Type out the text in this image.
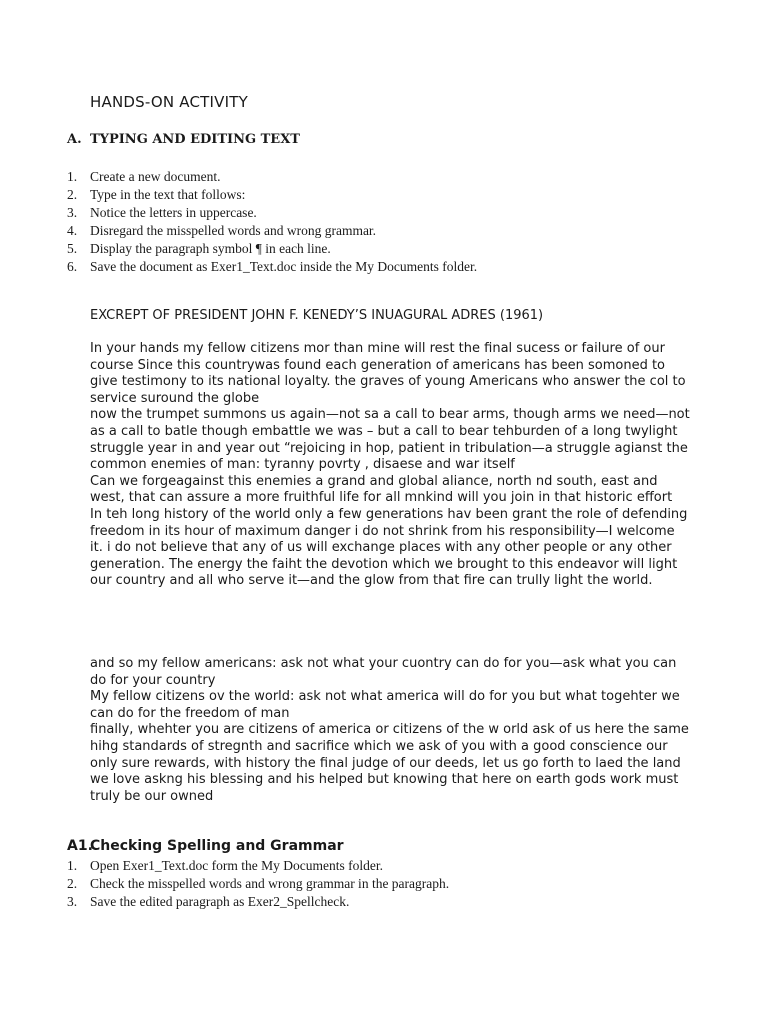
HANDS-ON ACTIVITY
A. TYPING AND EDITING TEXT
1. Create a new document.
2. Type in the text that follows:
3. Notice the letters in uppercase.
4. Disregard the misspelled words and wrong grammar.
5. Display the paragraph symbol ¶ in each line.
6. Save the document as Exer1_Text.doc inside the My Documents folder.

EXCREPT OF PRESIDENT JOHN F. KENEDY’S INUAGURAL ADRES (1961)

In your hands my fellow citizens mor than mine will rest the final sucess or failure of our course Since this countrywas found each generation of americans has been somoned to give testimony to its national loyalty. the graves of young Americans who answer the col to service suround the globe

now the trumpet summons us again—not sa a call to bear arms, though arms we need—not as a call to batle though embattle we was – but a call to bear tehburden of a long twylight struggle year in and year out “rejoicing in hop, patient in tribulation—a struggle agianst the common enemies of man: tyranny povrty , disaese and war itself

Can we forgeagainst this enemies a grand and global aliance, north nd south, east and west, that can assure a more fruithful life for all mnkind will you join in that historic effort

In teh long history of the world only a few generations hav been grant the role of defending freedom in its hour of maximum danger i do not shrink from his responsibility—I welcome it. i do not believe that any of us will exchange places with any other people or any other generation. The energy the faiht the devotion which we brought to this endeavor will light our country and all who serve it—and the glow from that fire can trully light the world.

and so my fellow americans: ask not what your cuontry can do for you—ask what you can do for your country

My fellow citizens ov the world: ask not what america will do for you but what togehter we can do for the freedom of man

finally, whehter you are citizens of america or citizens of the w orld ask of us here the same hihg standards of stregnth and sacrifice which we ask of you with a good conscience our only sure rewards, with history the final judge of our deeds, let us go forth to laed the land we love askng his blessing and his helped but knowing that here on earth gods work must truly be our owned

A1.Checking Spelling and Grammar
1. Open Exer1_Text.doc form the My Documents folder.
2. Check the misspelled words and wrong grammar in the paragraph.
3. Save the edited paragraph as Exer2_Spellcheck.
